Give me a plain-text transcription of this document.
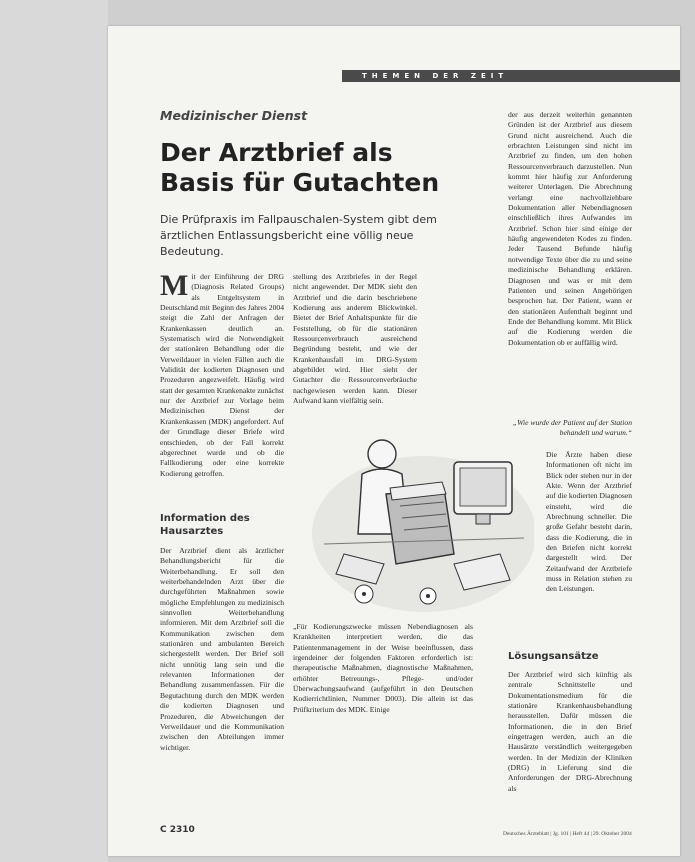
THEMEN DER ZEIT
Medizinischer Dienst
Der Arztbrief als Basis für Gutachten
Die Prüfpraxis im Fallpauschalen-System gibt dem ärztlichen Entlassungsbericht eine völlig neue Bedeutung.
M it der Einführung der DRG (Diagnosis Related Groups) als Entgeltsystem in Deutschland mit Beginn des Jahres 2004 steigt die Zahl der Anfragen der Krankenkassen deutlich an. Systematisch wird die Notwendigkeit der stationären Behandlung oder die Verweildauer in vielen Fällen auch die Validität der kodierten Diagnosen und Prozeduren angezweifelt. Häufig wird statt der gesamten Krankenakte zunächst nur der Arztbrief zur Vorlage beim Medizinischen Dienst der Krankenkassen (MDK) angefordert. Auf der Grundlage dieser Briefe wird entschieden, ob der Fall korrekt abgerechnet wurde und ob die Fallkodierung oder eine korrekte Kodierung getroffen.
Information des Hausarztes

Der Arztbrief dient als ärztlicher Behandlungsbericht für die Weiterbehandlung. Er soll den weiterbehandelnden Arzt über die durchgeführten Maßnahmen sowie mögliche Empfehlungen zu medizinisch sinnvollen Weiterbehandlung informieren. Mit dem Arztbrief soll die Kommunikation zwischen dem stationären und ambulanten Bereich sichergestellt werden. Der Brief soll nicht unnötig lang sein und die relevanten Informationen der Behandlung zusammenfassen. Für die Begutachtung durch den MDK werden die kodierten Diagnosen und Prozeduren, die Abweichungen der Verweildauer und die Kommunikation zwischen den Abteilungen immer wichtiger.

stellung des Arztbriefes in der Regel nicht angewendet. Der MDK sieht den Arztbrief und die darin beschriebene Kodierung aus anderem Blickwinkel. Bietet der Brief Anhaltspunkte für die Feststellung, ob für die stationären Ressourcenverbrauch ausreichend Begründung besteht, und wie der Krankenhausfall im DRG-System abgebildet wird. Hier sieht der Gutachter die Ressourcenverbräuche nachgewiesen werden kann. Dieser Aufwand kann vielfältig sein.

„Für Kodierungszwecke müssen Nebendiagnosen als Krankheiten interpretiert werden, die das Patientenmanagement in der Weise beeinflussen, dass irgendeiner der folgenden Faktoren erforderlich ist: therapeutische Maßnahmen, diagnostische Maßnahmen, erhöhter Betreuungs-, Pflege- und/oder Überwachungsaufwand (aufgeführt in den Deutschen Kodierrichtlinien, Nummer D003). Die allein ist das Prüfkriterium des MDK. Einige

der aus derzeit weiterhin genannten Gründen ist der Arztbrief aus diesem Grund nicht ausreichend. Auch die erbrachten Leistungen sind nicht im Arztbrief zu finden, um den hohen Ressourcenverbrauch darzustellen. Nun kommt hier häufig zur Anforderung weiterer Unterlagen. Die Abrechnung verlangt eine nachvollziehbare Dokumentation aller Nebendiagnosen einschließlich ihres Aufwandes im Arztbrief. Schon hier sind einige der häufig angewendeten Kodes zu finden. Jeder Tausend Befunde häufig notwendige Texte über die zu und seine medizinische Behandlung erklären. Diagnosen und was er mit dem Patienten und seinen Angehörigen besprochen hat. Der Patient, wann er den stationären Aufenthalt beginnt und Ende der Behandlung kommt. Mit Blick auf die Kodierung werden die Dokumentation ob er auffällig wird.

„Wie wurde der Patient auf der Station behandelt und warum.“

Die Ärzte haben diese Informationen oft nicht im Blick oder stehen nur in der Akte. Wenn der Arztbrief auf die kodierten Diagnosen einsteht, wird die Abrechnung schneller. Die große Gefahr besteht darin, dass die Kodierung, die in den Briefen nicht korrekt dargestellt wird. Der Zeitaufwand der Arztbriefe muss in Relation stehen zu den Leistungen.

Lösungsansätze

Der Arztbrief wird sich künftig als zentrale Schnittstelle und Dokumentationsmedium für die stationäre Krankenhausbehandlung herausstellen. Dafür müssen die Informationen, die in den Brief eingetragen werden, auch an die Hausärzte verständlich weitergegeben werden. In der Medizin der Kliniken (DRG) in Lieferung sind die Anforderungen der DRG-Abrechnung als

C 2310	Deutsches Ärzteblatt | Jg. 101 | Heft 44 | 29. Oktober 2004
